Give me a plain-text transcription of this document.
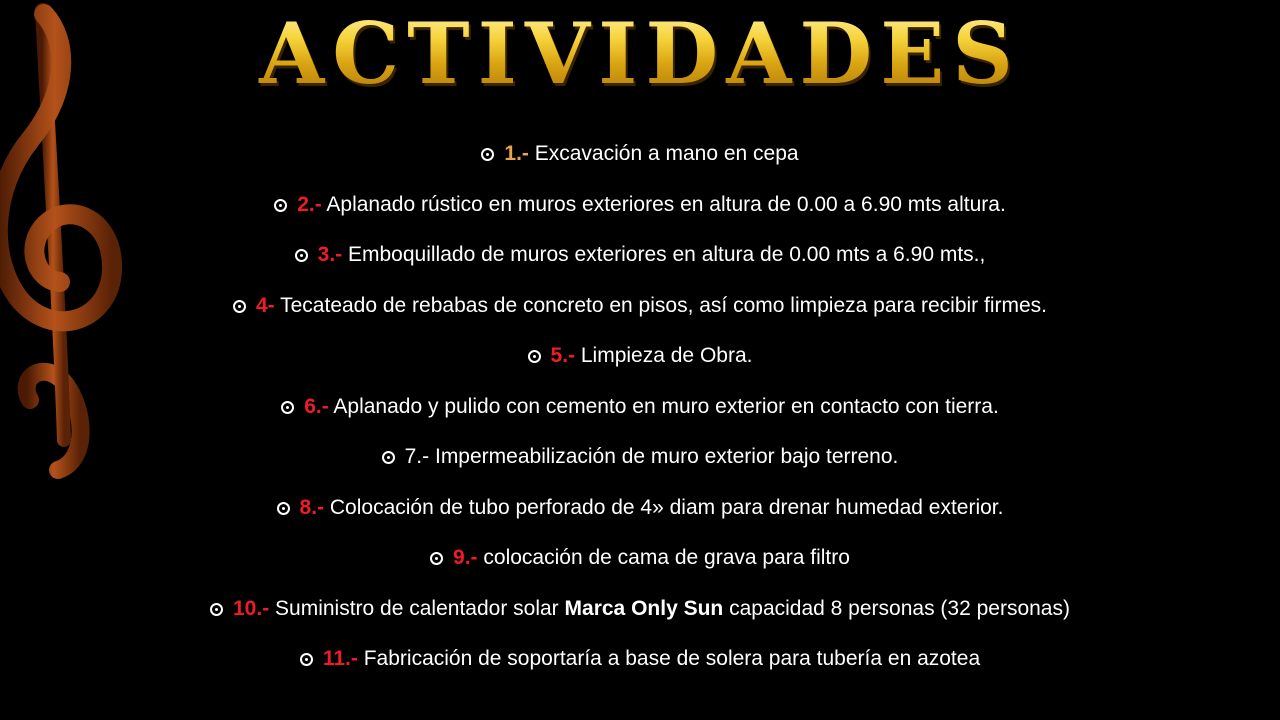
ACTIVIDADES
1.- Excavación a mano en cepa
2.- Aplanado rústico en muros exteriores en altura de 0.00 a 6.90 mts altura.
3.- Emboquillado de muros exteriores en altura de 0.00 mts a 6.90 mts.,
4- Tecateado de rebabas de concreto en pisos, así como limpieza para recibir firmes.
5.- Limpieza de Obra.
6.- Aplanado y pulido con cemento en muro exterior en contacto con tierra.
7.- Impermeabilización de muro exterior bajo terreno.
8.- Colocación de tubo perforado de 4» diam para drenar humedad exterior.
9.- colocación de cama de grava para filtro
10.- Suministro de calentador solar Marca Only Sun capacidad 8 personas (32 personas)
11.- Fabricación de soportaría a base de solera para tubería en azotea
